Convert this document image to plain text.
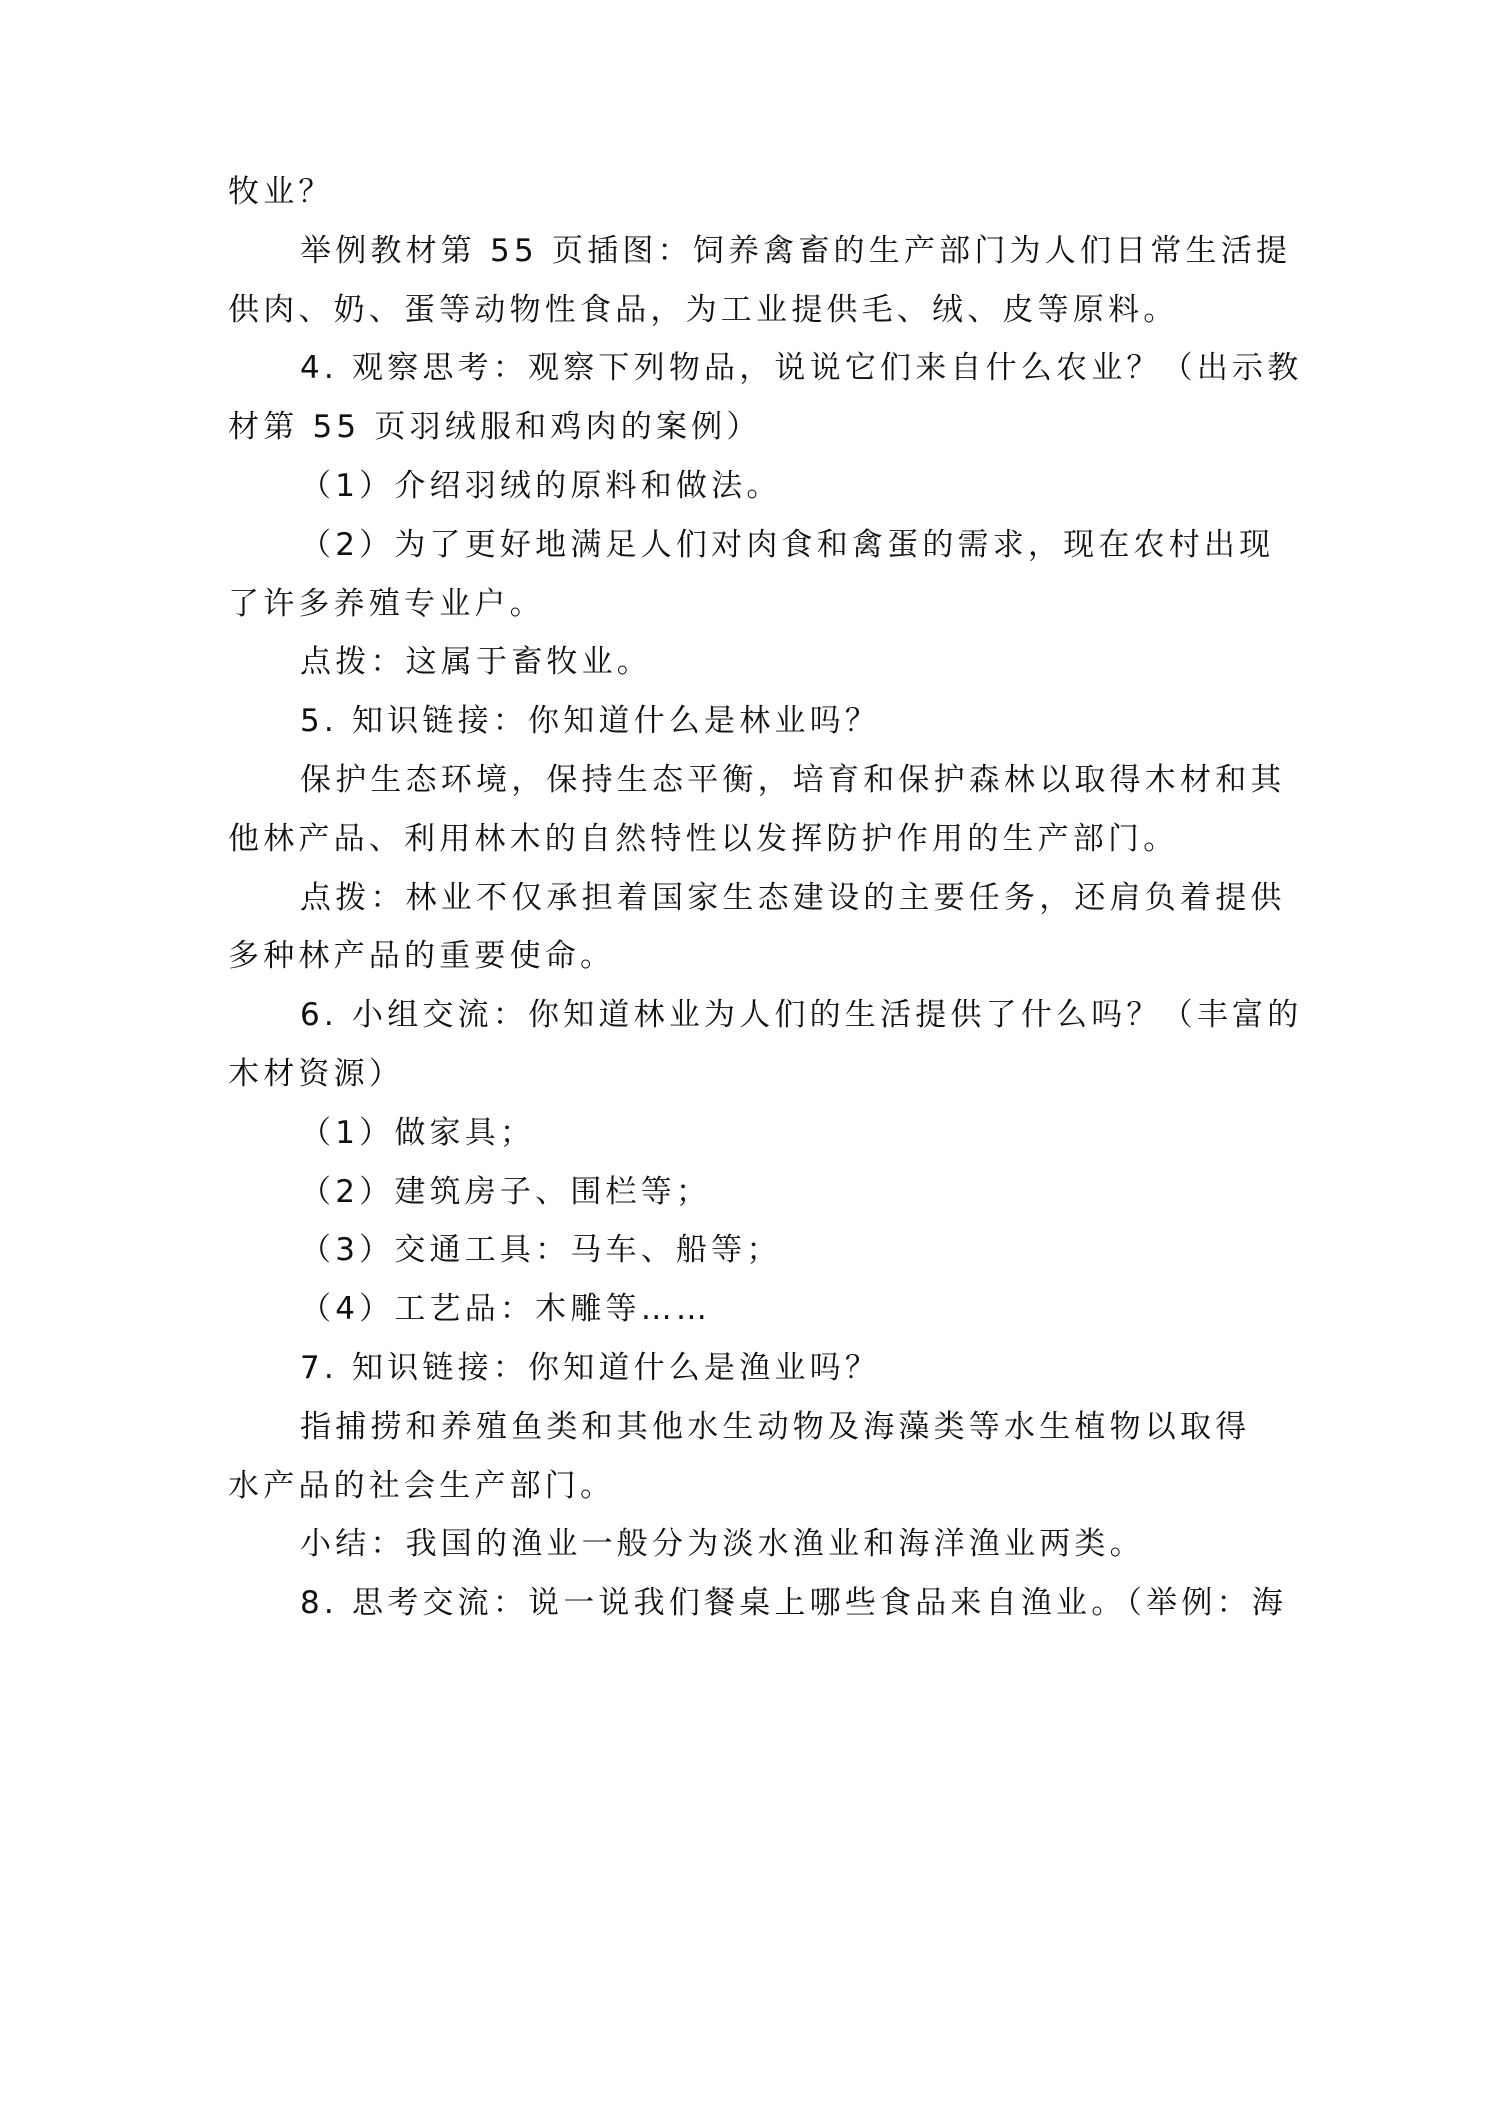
牧业？

举例教材第 55 页插图：饲养禽畜的生产部门为人们日常生活提

供肉、奶、蛋等动物性食品，为工业提供毛、绒、皮等原料。

4. 观察思考：观察下列物品，说说它们来自什么农业？（出示教

材第 55 页羽绒服和鸡肉的案例）

（1）介绍羽绒的原料和做法。

（2）为了更好地满足人们对肉食和禽蛋的需求，现在农村出现

了许多养殖专业户。

点拨：这属于畜牧业。

5. 知识链接：你知道什么是林业吗？

保护生态环境，保持生态平衡，培育和保护森林以取得木材和其

他林产品、利用林木的自然特性以发挥防护作用的生产部门。

点拨：林业不仅承担着国家生态建设的主要任务，还肩负着提供

多种林产品的重要使命。

6. 小组交流：你知道林业为人们的生活提供了什么吗？（丰富的

木材资源）

（1）做家具；

（2）建筑房子、围栏等；

（3）交通工具：马车、船等；

（4）工艺品：木雕等……

7. 知识链接：你知道什么是渔业吗？

指捕捞和养殖鱼类和其他水生动物及海藻类等水生植物以取得

水产品的社会生产部门。

小结：我国的渔业一般分为淡水渔业和海洋渔业两类。

8. 思考交流：说一说我们餐桌上哪些食品来自渔业。（举例：海
